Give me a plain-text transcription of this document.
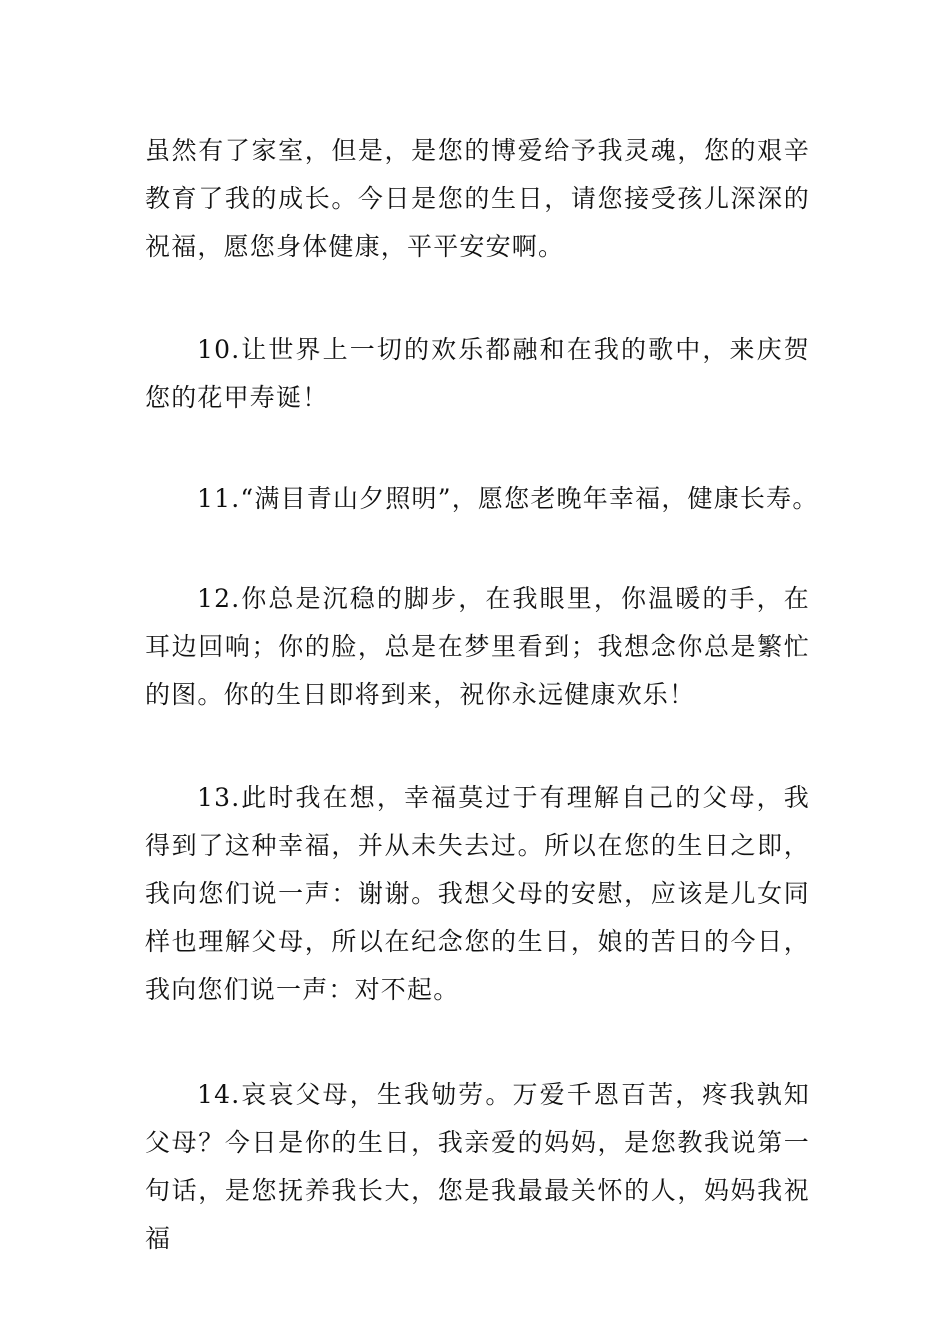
虽然有了家室，但是，是您的博爱给予我灵魂，您的艰辛教育了我的成长。今日是您的生日，请您接受孩儿深深的祝福，愿您身体健康，平平安安啊。

10.让世界上一切的欢乐都融和在我的歌中，来庆贺您的花甲寿诞！

11.“满目青山夕照明”，愿您老晚年幸福，健康长寿。

12.你总是沉稳的脚步，在我眼里，你温暖的手，在耳边回响；你的脸，总是在梦里看到；我想念你总是繁忙的图。你的生日即将到来，祝你永远健康欢乐！

13.此时我在想，幸福莫过于有理解自己的父母，我得到了这种幸福，并从未失去过。所以在您的生日之即，我向您们说一声：谢谢。我想父母的安慰，应该是儿女同样也理解父母，所以在纪念您的生日，娘的苦日的今日，我向您们说一声：对不起。

14.哀哀父母，生我劬劳。万爱千恩百苦，疼我孰知父母？今日是你的生日，我亲爱的妈妈，是您教我说第一句话，是您抚养我长大，您是我最最关怀的人，妈妈我祝福
